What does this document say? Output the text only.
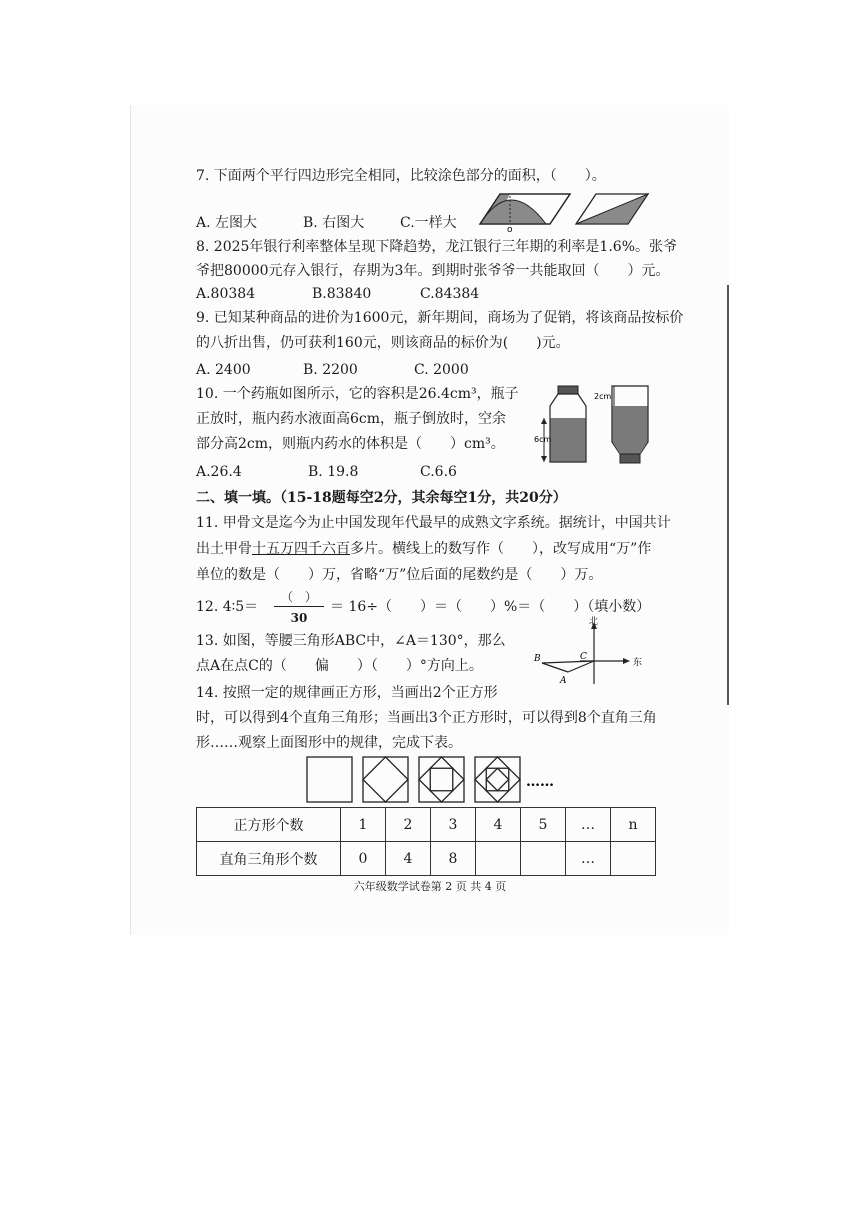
7. 下面两个平行四边形完全相同，比较涂色部分的面积，（　　）。
A. 左图大	B. 右图大	C.一样大	o
8. 2025年银行利率整体呈现下降趋势，龙江银行三年期的利率是1.6%。张爷
爷把80000元存入银行，存期为3年。到期时张爷爷一共能取回（　　）元。
A.80384	B.83840	C.84384
9. 已知某种商品的进价为1600元，新年期间，商场为了促销，将该商品按标价
的八折出售，仍可获利160元，则该商品的标价为(　　)元。
A. 2400	B. 2200	C. 2000
10. 一个药瓶如图所示，它的容积是26.4cm³，瓶子
正放时，瓶内药水液面高6cm，瓶子倒放时，空余
部分高2cm，则瓶内药水的体积是（　　）cm³。
A.26.4	B. 19.8	C.6.6
6cm
2cm
二、填一填。（15-18题每空2分，其余每空1分，共20分）
11. 甲骨文是迄今为止中国发现年代最早的成熟文字系统。据统计，中国共计
出土甲骨十五万四千六百多片。横线上的数写作（　　），改写成用“万”作
单位的数是（　　）万，省略“万”位后面的尾数约是（　　）万。
12. 4∶5＝
（　）
30
＝ 16÷（　　）＝（　　）%＝（　　）（填小数）
13. 如图，等腰三角形ABC中，∠A＝130°，那么
点A在点C的（　　偏　　）（　　）°方向上。
北
东
B	C
A
14. 按照一定的规律画正方形，当画出2个正方形
时，可以得到4个直角三角形；当画出3个正方形时，可以得到8个直角三角
形……观察上面图形中的规律，完成下表。
……
正方形个数	1	2	3	4	5	…	n
直角三角形个数	0	4	8			…	
六年级数学试卷第 2 页 共 4 页
